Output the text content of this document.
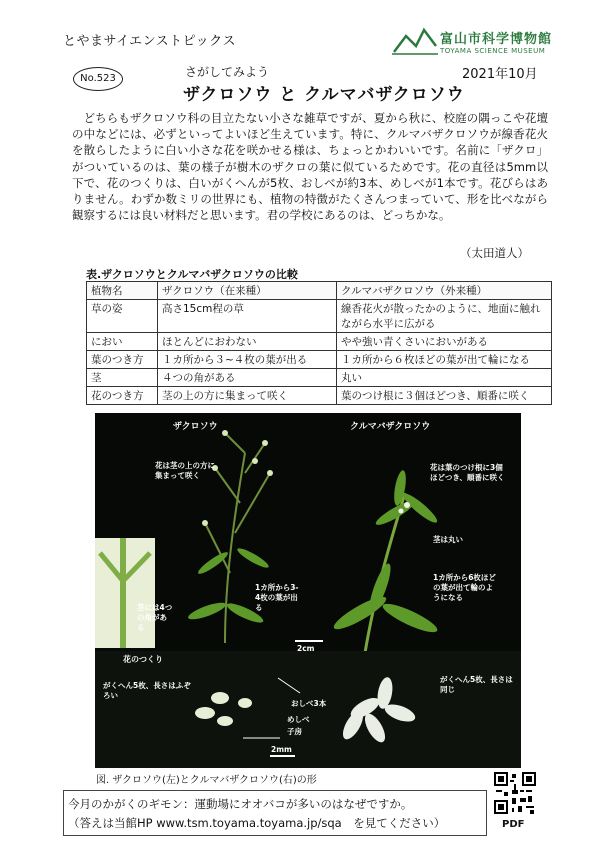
とやまサイエンストピックス	富山市科学博物館
TOYAMA SCIENCE MUSEUM
No.523	さがしてみよう
ザクロソウ と クルマバザクロソウ
2021年10月

どちらもザクロソウ科の目立たない小さな雑草ですが、夏から秋に、校庭の隅っこや花壇の中などには、必ずといってよいほど生えています。特に、クルマバザクロソウが線香花火を散らしたように白い小さな花を咲かせる様は、ちょっとかわいいです。名前に「ザクロ」がついているのは、葉の様子が樹木のザクロの葉に似ているためです。花の直径は5mm以下で、花のつくりは、白いがくへんが5枚、おしべが約3本、めしべが1本です。花びらはありません。わずか数ミリの世界にも、植物の特徴がたくさんつまっていて、形を比べながら観察するには良い材料だと思います。君の学校にあるのは、どっちかな。

（太田道人）
表.ザクロソウとクルマバザクロソウの比較
植物名	ザクロソウ（在来種）	クルマバザクロソウ（外来種）
草の姿	高さ15cm程の草	線香花火が散ったかのように、地面に触れながら水平に広がる
におい	ほとんどにおわない	やや強い青くさいにおいがある
葉のつき方	１カ所から３~４枚の葉が出る	１カ所から６枚ほどの葉が出て輪になる
茎	４つの角がある	丸い
花のつき方	茎の上の方に集まって咲く	葉のつけ根に３個ほどつき、順番に咲く
ザクロソウ	クルマバザクロソウ
花は茎の上の方に集まって咲く
1カ所から3-4枚の葉が出る
茎には4つの角がある
花は葉のつけ根に3個ほどつき、順番に咲く
茎は丸い
1カ所から6枚ほどの葉が出て輪のようになる
2cm
花のつくり
がくへん5枚、長さはふぞろい
がくへん5枚、長さは同じ
おしべ3本
めしべ
子房
2mm
図. ザクロソウ(左)とクルマバザクロソウ(右)の形
今月のかがくのギモン：運動場にオオバコが多いのはなぜですか。
（答えは当館HP www.tsm.toyama.toyama.jp/sqa　を見てください）	PDF
